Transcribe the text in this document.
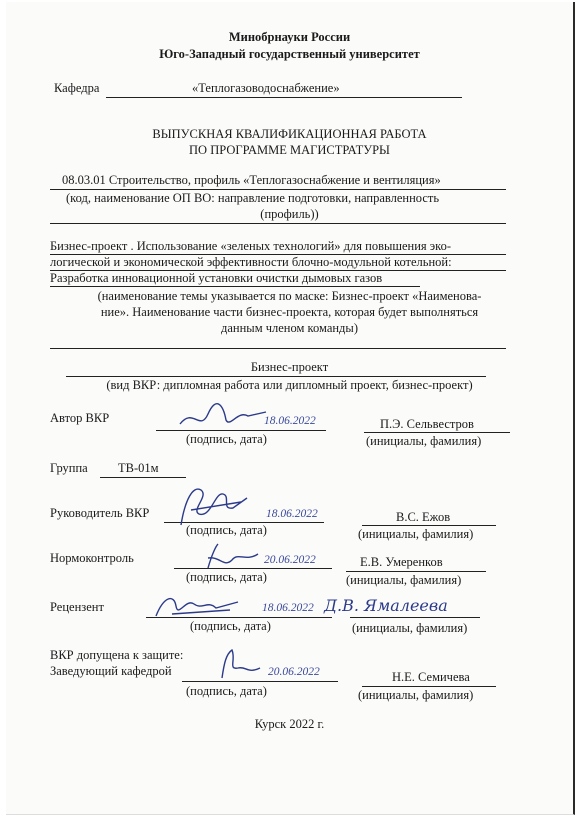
Минобрнауки России
Юго-Западный государственный университет
Кафедра	«Теплогазоводоснабжение»
ВЫПУСКНАЯ КВАЛИФИКАЦИОННАЯ РАБОТА
ПО ПРОГРАММЕ МАГИСТРАТУРЫ
08.03.01 Строительство, профиль «Теплогазоснабжение и вентиляция»
(код, наименование ОП ВО: направление подготовки, направленность
(профиль))
Бизнес-проект . Использование «зеленых технологий» для повышения эко-
логической и экономической эффективности блочно-модульной котельной:
Разработка инновационной установки очистки дымовых газов
(наименование темы указывается по маске: Бизнес-проект «Наименова-
ние». Наименование части бизнес-проекта, которая будет выполняться
данным членом команды)
Бизнес-проект
(вид ВКР: дипломная работа или дипломный проект, бизнес-проект)
Автор ВКР	18.06.2022
(подпись, дата)
П.Э. Сельвестров
(инициалы, фамилия)
Группа ТВ-01м
Руководитель ВКР	18.06.2022
(подпись, дата)
В.С. Ежов
(инициалы, фамилия)
Нормоконтроль	20.06.2022
(подпись, дата)
Е.В. Умеренков
(инициалы, фамилия)
Рецензент	18.06.2022 Д.В. Ямалеева
(подпись, дата)	(инициалы, фамилия)
ВКР допущена к защите:
Заведующий кафедрой	20.06.2022
(подпись, дата)
Н.Е. Семичева
(инициалы, фамилия)
Курск 2022 г.
